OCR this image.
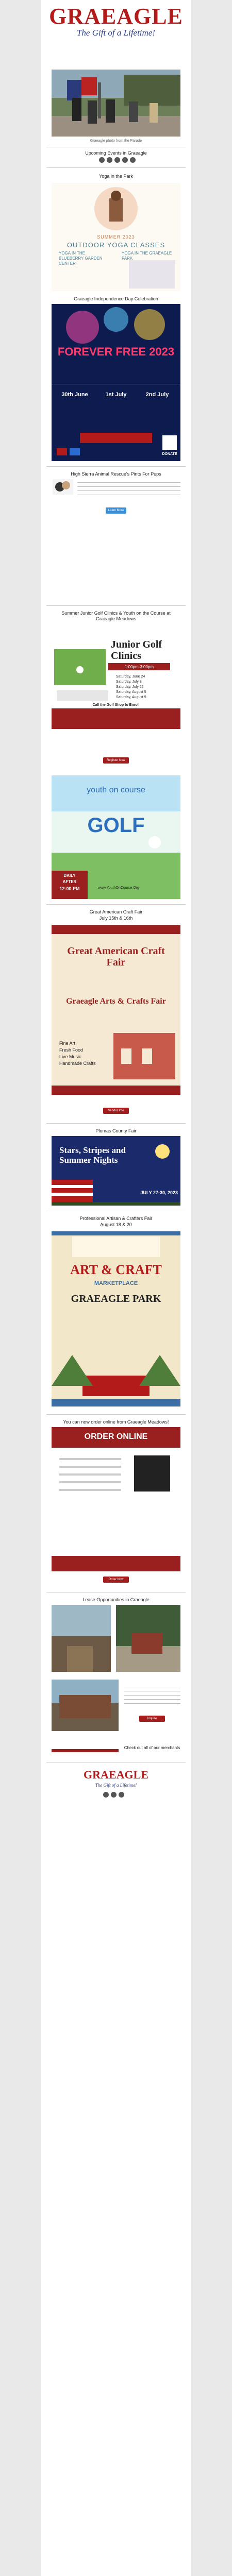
GRAEAGLE
The Gift of a Lifetime!
Graeagle photo from the Parade
Upcoming Events in Graeagle
Yoga in the Park
SUMMER 2023
OUTDOOR YOGA CLASSES
YOGA IN THE BLUEBERRY GARDEN CENTER
YOGA IN THE GRAEAGLE PARK
Graeagle Independence Day Celebration
FOREVER FREE 2023
30th June	1st July	2nd July
DONATE
High Sierra Animal Rescue's Pints For Pups
Learn More
Summer Junior Golf Clinics & Youth on the Course at Graeagle Meadows
Junior Golf Clinics
1:00pm-3:00pm
Saturday, June 24
Saturday, July 8
Saturday, July 22
Saturday, August 5
Saturday, August 9
Call the Golf Shop to Enroll
Register Now
youth on course
GOLF
DAILY
AFTER
12:00 PM	www.YouthOnCourse.Org
Great American Craft Fair
July 15th & 16th
Great American Craft Fair
Graeagle Arts & Crafts Fair
Fine Art
Fresh Food
Live Music
Handmade Crafts
Vendor Info
Plumas County Fair
Stars, Stripes and Summer Nights
JULY 27-30, 2023
Professional Artisan & Crafters Fair
August 18 & 20
ART & CRAFT
MARKETPLACE
GRAEAGLE PARK
You can now order online from Graeagle Meadows!
ORDER ONLINE
Order Now
Lease Opportunities in Graeagle
Inquire
Check out all of our merchants
GRAEAGLE
The Gift of a Lifetime!
